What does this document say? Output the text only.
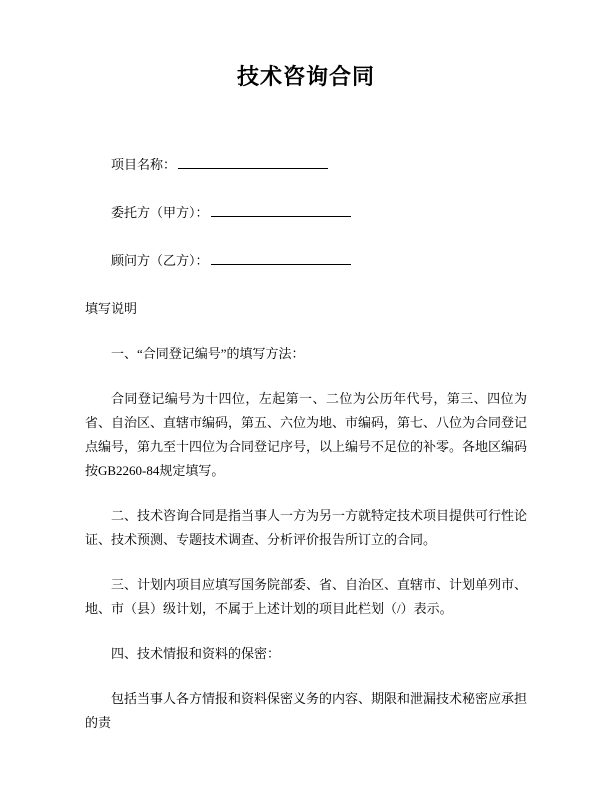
技术咨询合同
项目名称：
委托方（甲方）：
顾问方（乙方）：

填写说明

一、“合同登记编号”的填写方法：

合同登记编号为十四位，左起第一、二位为公历年代号，第三、四位为省、自治区、直辖市编码，第五、六位为地、市编码，第七、八位为合同登记点编号，第九至十四位为合同登记序号，以上编号不足位的补零。各地区编码按GB2260-84规定填写。

二、技术咨询合同是指当事人一方为另一方就特定技术项目提供可行性论证、技术预测、专题技术调查、分析评价报告所订立的合同。

三、计划内项目应填写国务院部委、省、自治区、直辖市、计划单列市、地、市（县）级计划，不属于上述计划的项目此栏划（/）表示。

四、技术情报和资料的保密：

包括当事人各方情报和资料保密义务的内容、期限和泄漏技术秘密应承担的责
